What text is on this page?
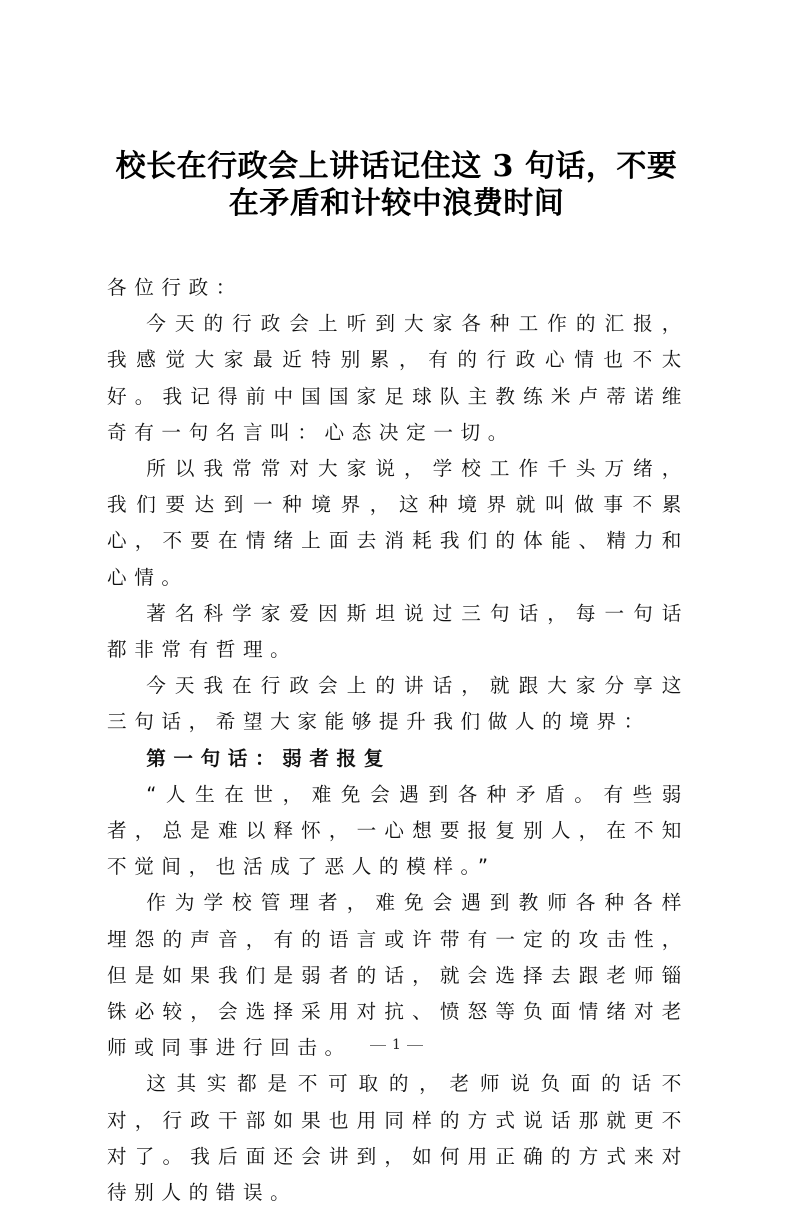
校长在行政会上讲话记住这 3 句话，不要
在矛盾和计较中浪费时间

各位行政：

今天的行政会上听到大家各种工作的汇报，我感觉大家最近特别累，有的行政心情也不太好。我记得前中国国家足球队主教练米卢蒂诺维奇有一句名言叫：心态决定一切。

所以我常常对大家说，学校工作千头万绪，我们要达到一种境界，这种境界就叫做事不累心，不要在情绪上面去消耗我们的体能、精力和心情。

著名科学家爱因斯坦说过三句话，每一句话都非常有哲理。

今天我在行政会上的讲话，就跟大家分享这三句话，希望大家能够提升我们做人的境界：

第一句话：弱者报复

“人生在世，难免会遇到各种矛盾。有些弱者，总是难以释怀，一心想要报复别人，在不知不觉间，也活成了恶人的模样。”

作为学校管理者，难免会遇到教师各种各样埋怨的声音，有的语言或许带有一定的攻击性，但是如果我们是弱者的话，就会选择去跟老师锱铢必较，会选择采用对抗、愤怒等负面情绪对老师或同事进行回击。

这其实都是不可取的，老师说负面的话不对，行政干部如果也用同样的方式说话那就更不对了。我后面还会讲到，如何用正确的方式来对待别人的错误。

1
